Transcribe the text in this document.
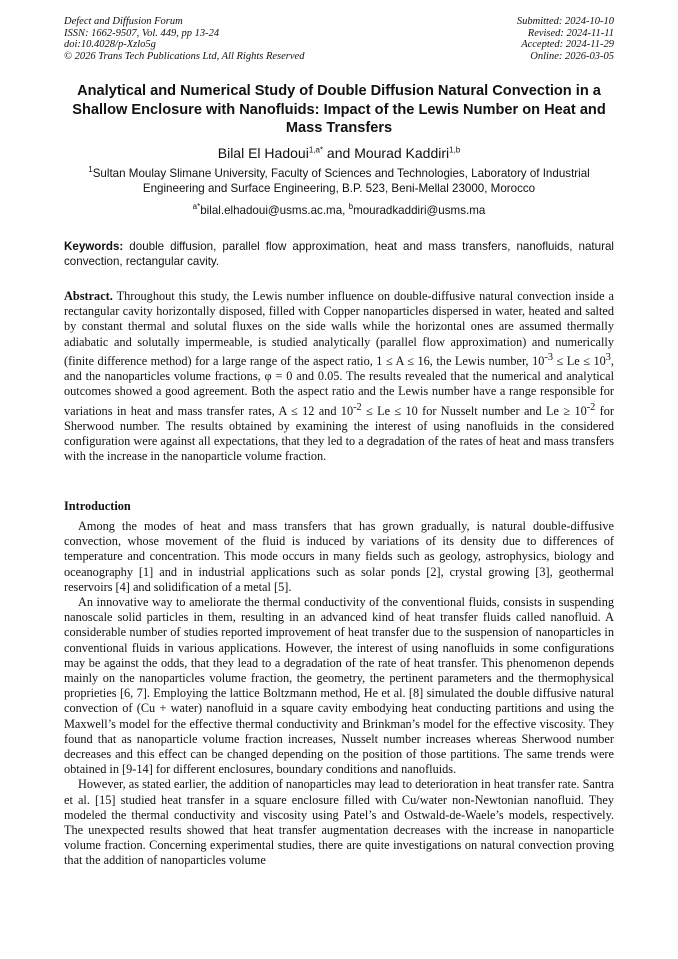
Defect and Diffusion Forum
ISSN: 1662-9507, Vol. 449, pp 13-24
doi:10.4028/p-Xzlo5g
© 2026 Trans Tech Publications Ltd, All Rights Reserved
Submitted: 2024-10-10
Revised: 2024-11-11
Accepted: 2024-11-29
Online: 2026-03-05
Analytical and Numerical Study of Double Diffusion Natural Convection in a Shallow Enclosure with Nanofluids: Impact of the Lewis Number on Heat and Mass Transfers
Bilal El Hadoui$^{1,a*}$ and Mourad Kaddiri$^{1,b}$
$^1$Sultan Moulay Slimane University, Faculty of Sciences and Technologies, Laboratory of Industrial Engineering and Surface Engineering, B.P. 523, Beni-Mellal 23000, Morocco
$^{a*}$bilal.elhadoui@usms.ac.ma, $^b$mouradkaddiri@usms.ma
Keywords: double diffusion, parallel flow approximation, heat and mass transfers, nanofluids, natural convection, rectangular cavity.
Abstract. Throughout this study, the Lewis number influence on double-diffusive natural convection inside a rectangular cavity horizontally disposed, filled with Copper nanoparticles dispersed in water, heated and salted by constant thermal and solutal fluxes on the side walls while the horizontal ones are assumed thermally adiabatic and solutally impermeable, is studied analytically (parallel flow approximation) and numerically (finite difference method) for a large range of the aspect ratio, 1 ≤ A ≤ 16, the Lewis number, $10^{-3} \le Le \le 10^3$, and the nanoparticles volume fractions, φ = 0 and 0.05. The results revealed that the numerical and analytical outcomes showed a good agreement. Both the aspect ratio and the Lewis number have a range responsible for variations in heat and mass transfer rates, A ≤ 12 and $10^{-2} \le Le \le 10$ for Nusselt number and $Le \ge 10^{-2}$ for Sherwood number. The results obtained by examining the interest of using nanofluids in the considered configuration were against all expectations, that they led to a degradation of the rates of heat and mass transfers with the increase in the nanoparticle volume fraction.
Introduction

Among the modes of heat and mass transfers that has grown gradually, is natural double-diffusive convection, whose movement of the fluid is induced by variations of its density due to differences of temperature and concentration. This mode occurs in many fields such as geology, astrophysics, biology and oceanography [1] and in industrial applications such as solar ponds [2], crystal growing [3], geothermal reservoirs [4] and solidification of a metal [5].

An innovative way to ameliorate the thermal conductivity of the conventional fluids, consists in suspending nanoscale solid particles in them, resulting in an advanced kind of heat transfer fluids called nanofluid. A considerable number of studies reported improvement of heat transfer due to the suspension of nanoparticles in conventional fluids in various applications. However, the interest of using nanofluids in some configurations may be against the odds, that they lead to a degradation of the rate of heat transfer. This phenomenon depends mainly on the nanoparticles volume fraction, the geometry, the pertinent parameters and the thermophysical proprieties [6, 7]. Employing the lattice Boltzmann method, He et al. [8] simulated the double diffusive natural convection of (Cu + water) nanofluid in a square cavity embodying heat conducting partitions and using the Maxwell’s model for the effective thermal conductivity and Brinkman’s model for the effective viscosity. They found that as nanoparticle volume fraction increases, Nusselt number increases whereas Sherwood number decreases and this effect can be changed depending on the position of those partitions. The same trends were obtained in [9-14] for different enclosures, boundary conditions and nanofluids.

However, as stated earlier, the addition of nanoparticles may lead to deterioration in heat transfer rate. Santra et al. [15] studied heat transfer in a square enclosure filled with Cu/water non-Newtonian nanofluid. They modeled the thermal conductivity and viscosity using Patel’s and Ostwald-de-Waele’s models, respectively. The unexpected results showed that heat transfer augmentation decreases with the increase in nanoparticle volume fraction. Concerning experimental studies, there are quite investigations on natural convection proving that the addition of nanoparticles volume
